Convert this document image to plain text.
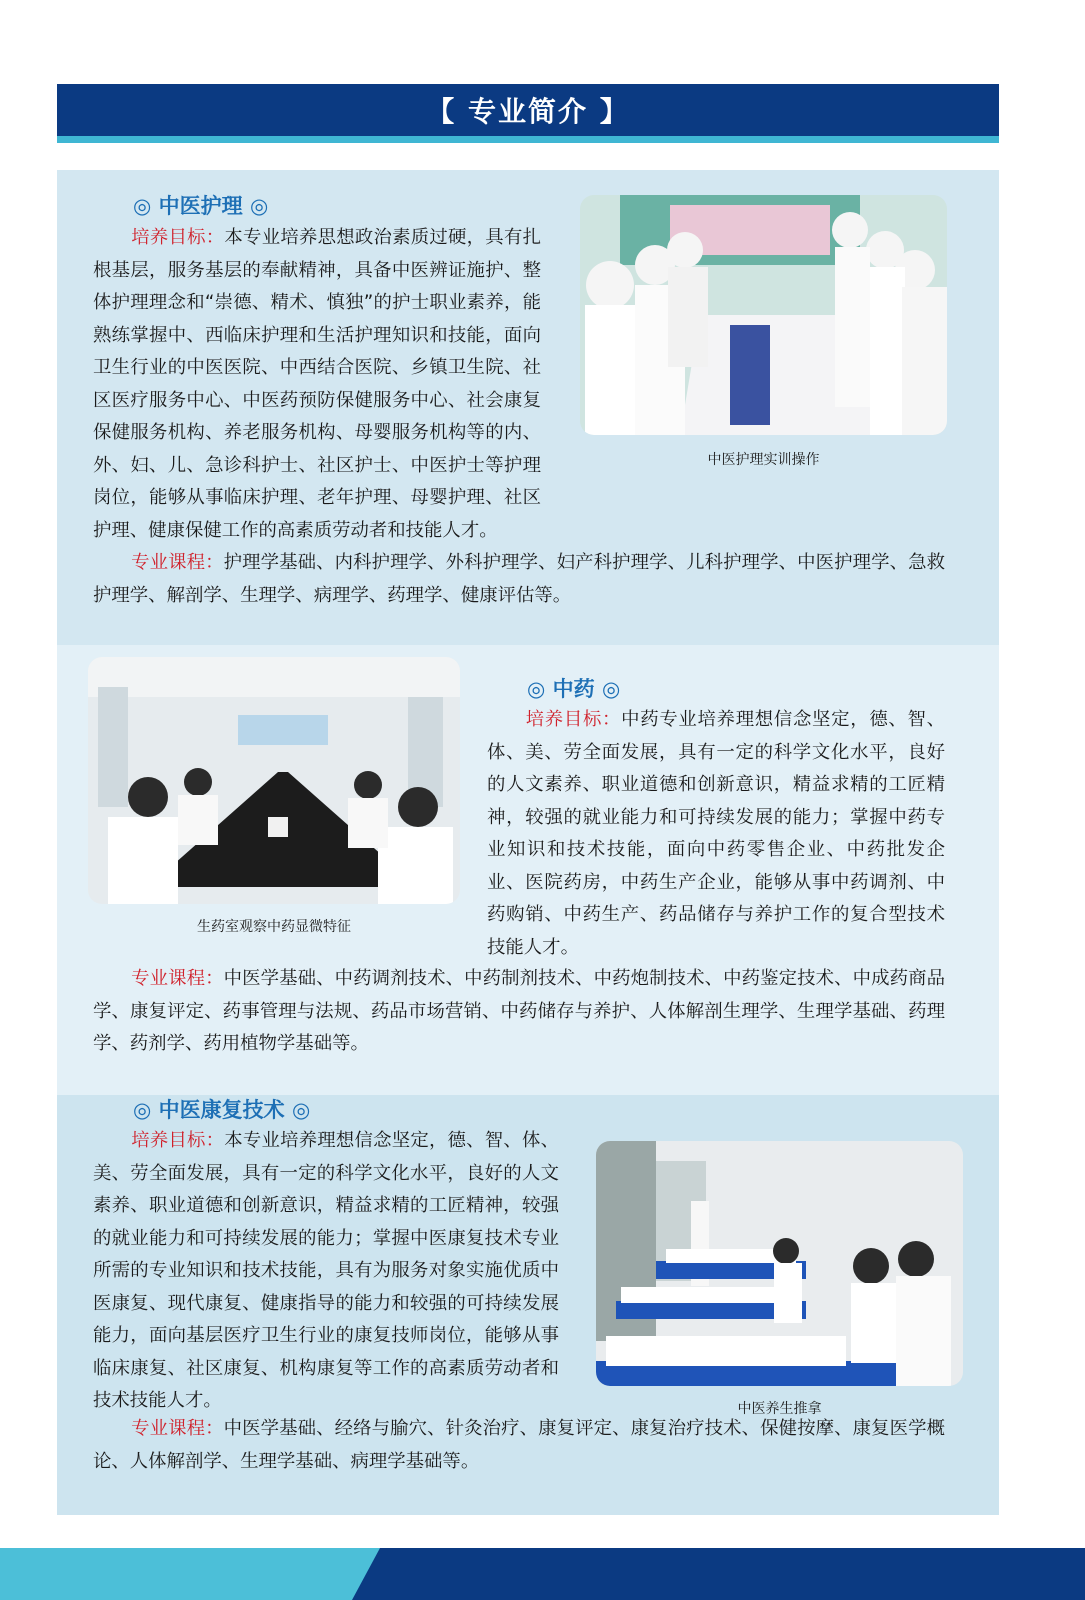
【 专业简介 】
◎ 中医护理 ◎

培养目标：本专业培养思想政治素质过硬，具有扎根基层，服务基层的奉献精神，具备中医辨证施护、整体护理理念和“崇德、精术、慎独”的护士职业素养，能熟练掌握中、西临床护理和生活护理知识和技能，面向卫生行业的中医医院、中西结合医院、乡镇卫生院、社区医疗服务中心、中医药预防保健服务中心、社会康复保健服务机构、养老服务机构、母婴服务机构等的内、外、妇、儿、急诊科护士、社区护士、中医护士等护理岗位，能够从事临床护理、老年护理、母婴护理、社区护理、健康保健工作的高素质劳动者和技能人才。

中医护理实训操作

专业课程：护理学基础、内科护理学、外科护理学、妇产科护理学、儿科护理学、中医护理学、急救护理学、解剖学、生理学、病理学、药理学、健康评估等。

生药室观察中药显微特征
◎ 中药 ◎

培养目标：中药专业培养理想信念坚定，德、智、体、美、劳全面发展，具有一定的科学文化水平，良好的人文素养、职业道德和创新意识，精益求精的工匠精神，较强的就业能力和可持续发展的能力；掌握中药专业知识和技术技能，面向中药零售企业、中药批发企业、医院药房，中药生产企业，能够从事中药调剂、中药购销、中药生产、药品储存与养护工作的复合型技术技能人才。

专业课程：中医学基础、中药调剂技术、中药制剂技术、中药炮制技术、中药鉴定技术、中成药商品学、康复评定、药事管理与法规、药品市场营销、中药储存与养护、人体解剖生理学、生理学基础、药理学、药剂学、药用植物学基础等。

◎ 中医康复技术 ◎

培养目标：本专业培养理想信念坚定，德、智、体、美、劳全面发展，具有一定的科学文化水平，良好的人文素养、职业道德和创新意识，精益求精的工匠精神，较强的就业能力和可持续发展的能力；掌握中医康复技术专业所需的专业知识和技术技能，具有为服务对象实施优质中医康复、现代康复、健康指导的能力和较强的可持续发展能力，面向基层医疗卫生行业的康复技师岗位，能够从事临床康复、社区康复、机构康复等工作的高素质劳动者和技术技能人才。	中医养生推拿

专业课程：中医学基础、经络与腧穴、针灸治疗、康复评定、康复治疗技术、保健按摩、康复医学概论、人体解剖学、生理学基础、病理学基础等。
